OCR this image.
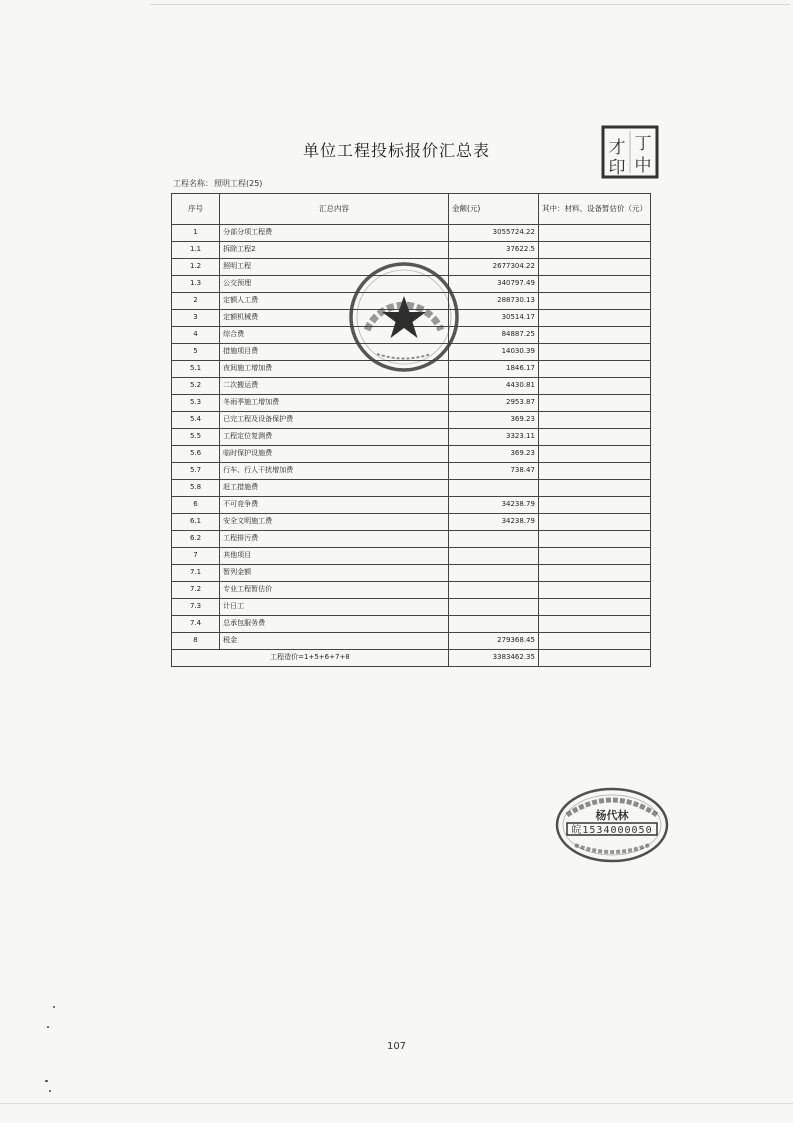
单位工程投标报价汇总表	丁
才
中
印
工程名称：照明工程(25)
序号	汇总内容	金额(元)	其中：材料、设备暂估价（元）
1	分部分项工程费	3055724.22	
1.1	拆除工程2	37622.5	
1.2	照明工程	2677304.22	
1.3	公交预埋	340797.49	
2	定额人工费	288730.13	
3	定额机械费	30514.17	
4	综合费	84887.25	
5	措施项目费	14030.39	
5.1	夜间施工增加费	1846.17	
5.2	二次搬运费	4430.81	
5.3	冬雨季施工增加费	2953.87	
5.4	已完工程及设备保护费	369.23	
5.5	工程定位复测费	3323.11	
5.6	临时保护设施费	369.23	
5.7	行车、行人干扰增加费	738.47	
5.8	赶工措施费		
6	不可竞争费	34238.79	
6.1	安全文明施工费	34238.79	
6.2	工程排污费		
7	其他项目		
7.1	暂列金额		
7.2	专业工程暂估价		
7.3	计日工		
7.4	总承包服务费		
8	税金	279368.45	
工程造价=1+5+6+7+8		3383462.35	
杨代林
皖1534000050
107
